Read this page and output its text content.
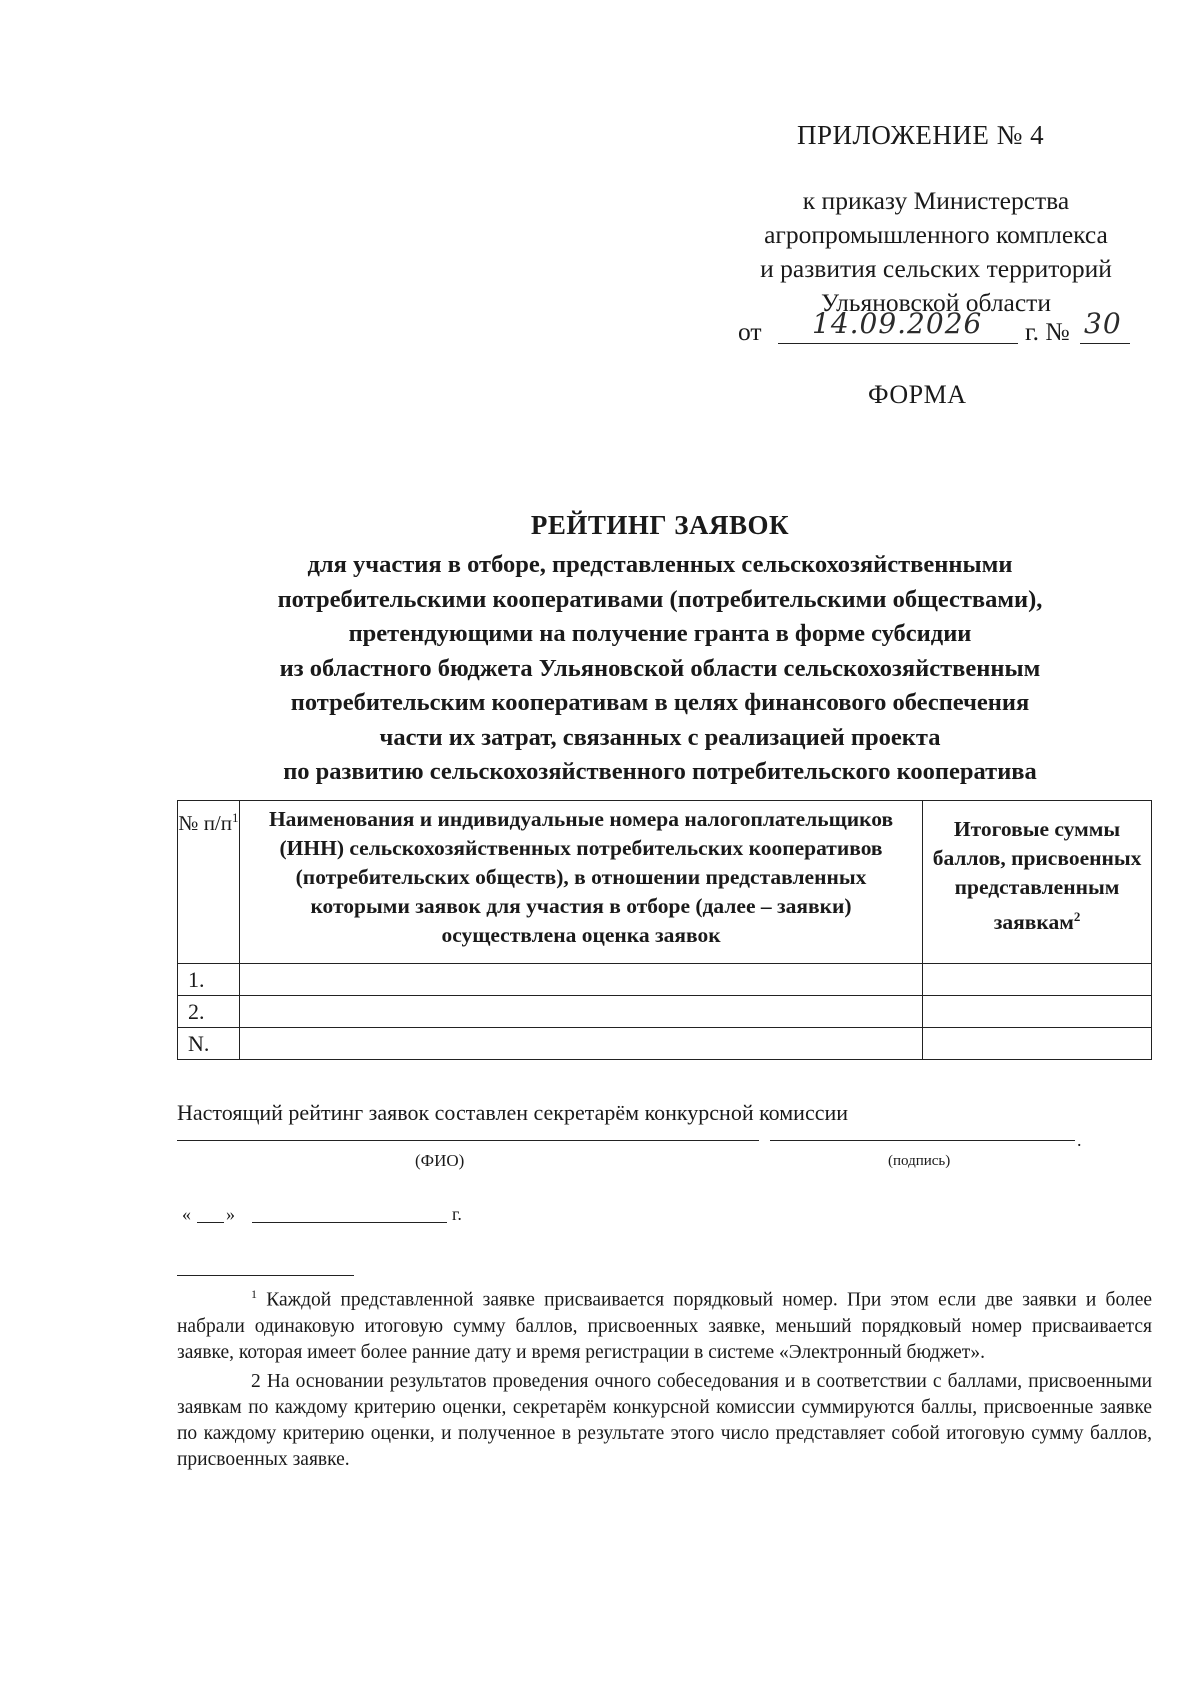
ПРИЛОЖЕНИЕ № 4
к приказу Министерства
агропромышленного комплекса
и развития сельских территорий
Ульяновской области
от 14.09.2026 г. № 30
ФОРМА
РЕЙТИНГ ЗАЯВОК
для участия в отборе, представленных сельскохозяйственными
потребительскими кооперативами (потребительскими обществами),
претендующими на получение гранта в форме субсидии
из областного бюджета Ульяновской области сельскохозяйственным
потребительским кооперативам в целях финансового обеспечения
части их затрат, связанных с реализацией проекта
по развитию сельскохозяйственного потребительского кооператива
№ $п/п^1$	Наименования и индивидуальные номера налогоплательщиков (ИНН) сельскохозяйственных потребительских кооперативов (потребительских обществ), в отношении представленных которыми заявок для участия в отборе (далее – заявки) осуществлена оценка заявок	Итоговые суммы баллов, присвоенных представленным заявкам$^2$
1.		
2.		
N.		
Настоящий рейтинг заявок составлен секретарём конкурсной комиссии
.
(ФИО)	(подпись)
« »	г.

$^1$ Каждой представленной заявке присваивается порядковый номер. При этом если две заявки и более набрали одинаковую итоговую сумму баллов, присвоенных заявке, меньший порядковый номер присваивается заявке, которая имеет более ранние дату и время регистрации в системе «Электронный бюджет».

2 На основании результатов проведения очного собеседования и в соответствии с баллами, присвоенными заявкам по каждому критерию оценки, секретарём конкурсной комиссии суммируются баллы, присвоенные заявке по каждому критерию оценки, и полученное в результате этого число представляет собой итоговую сумму баллов, присвоенных заявке.
